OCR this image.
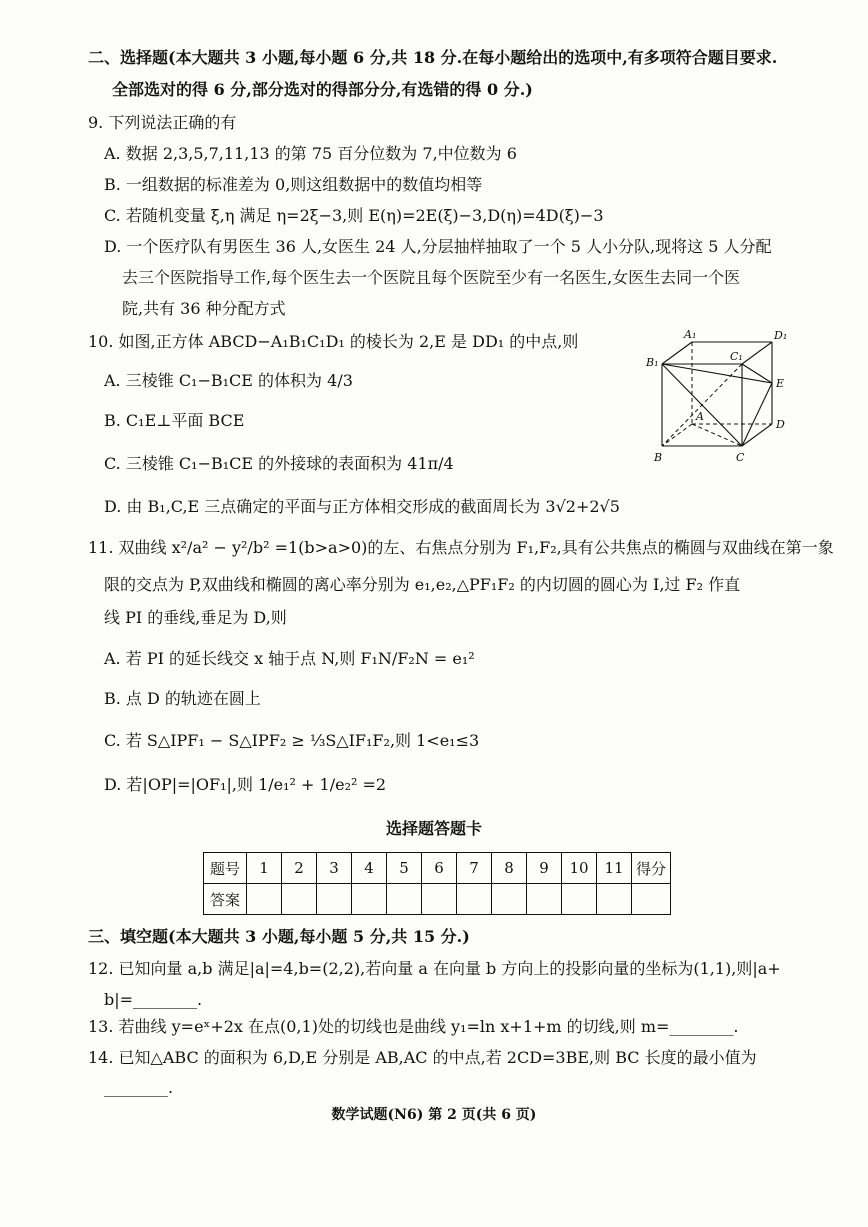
二、选择题(本大题共 3 小题,每小题 6 分,共 18 分.在每小题给出的选项中,有多项符合题目要求.
全部选对的得 6 分,部分选对的得部分分,有选错的得 0 分.)
9. 下列说法正确的有
A. 数据 2,3,5,7,11,13 的第 75 百分位数为 7,中位数为 6
B. 一组数据的标准差为 0,则这组数据中的数值均相等
C. 若随机变量 ξ,η 满足 η=2ξ−3,则 E(η)=2E(ξ)−3,D(η)=4D(ξ)−3
D. 一个医疗队有男医生 36 人,女医生 24 人,分层抽样抽取了一个 5 人小分队,现将这 5 人分配
去三个医院指导工作,每个医生去一个医院且每个医院至少有一名医生,女医生去同一个医
院,共有 36 种分配方式
10. 如图,正方体 ABCD−A₁B₁C₁D₁ 的棱长为 2,E 是 DD₁ 的中点,则
A. 三棱锥 C₁−B₁CE 的体积为 4/3
B. C₁E⊥平面 BCE
C. 三棱锥 C₁−B₁CE 的外接球的表面积为 41π/4
D. 由 B₁,C,E 三点确定的平面与正方体相交形成的截面周长为 3√2+2√5
A₁	D₁
B₁	C₁
E
A
D
B	C
11. 双曲线 x²/a² − y²/b² =1(b>a>0)的左、右焦点分别为 F₁,F₂,具有公共焦点的椭圆与双曲线在第一象
限的交点为 P,双曲线和椭圆的离心率分别为 e₁,e₂,△PF₁F₂ 的内切圆的圆心为 I,过 F₂ 作直
线 PI 的垂线,垂足为 D,则
A. 若 PI 的延长线交 x 轴于点 N,则 F₁N/F₂N = e₁²
B. 点 D 的轨迹在圆上
C. 若 S△IPF₁ − S△IPF₂ ≥ ⅓S△IF₁F₂,则 1<e₁≤3
D. 若|OP|=|OF₁|,则 1/e₁² + 1/e₂² =2
选择题答题卡
题号	1	2	3	4	5	6	7	8	9	10	11	得分
答案												
三、填空题(本大题共 3 小题,每小题 5 分,共 15 分.)
12. 已知向量 a,b 满足|a|=4,b=(2,2),若向量 a 在向量 b 方向上的投影向量的坐标为(1,1),则|a+
b|=________.
13. 若曲线 y=eˣ+2x 在点(0,1)处的切线也是曲线 y₁=ln x+1+m 的切线,则 m=________.
14. 已知△ABC 的面积为 6,D,E 分别是 AB,AC 的中点,若 2CD=3BE,则 BC 长度的最小值为
________.
数学试题(N6) 第 2 页(共 6 页)
